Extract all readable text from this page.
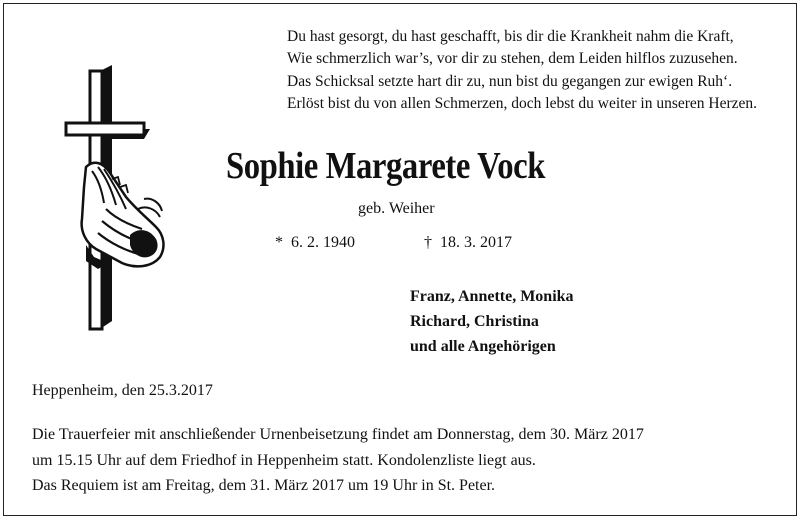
Du hast gesorgt, du hast geschafft, bis dir die Krankheit nahm die Kraft,
Wie schmerzlich war’s, vor dir zu stehen, dem Leiden hilflos zuzusehen.
Das Schicksal setzte hart dir zu, nun bist du gegangen zur ewigen Ruh‘.
Erlöst bist du von allen Schmerzen, doch lebst du weiter in unseren Herzen.
Sophie Margarete Vock
geb. Weiher
* 6. 2. 1940	† 18. 3. 2017
Franz, Annette, Monika
Richard, Christina
und alle Angehörigen
Heppenheim, den 25.3.2017
Die Trauerfeier mit anschließender Urnenbeisetzung findet am Donnerstag, dem 30. März 2017
um 15.15 Uhr auf dem Friedhof in Heppenheim statt. Kondolenzliste liegt aus.
Das Requiem ist am Freitag, dem 31. März 2017 um 19 Uhr in St. Peter.
